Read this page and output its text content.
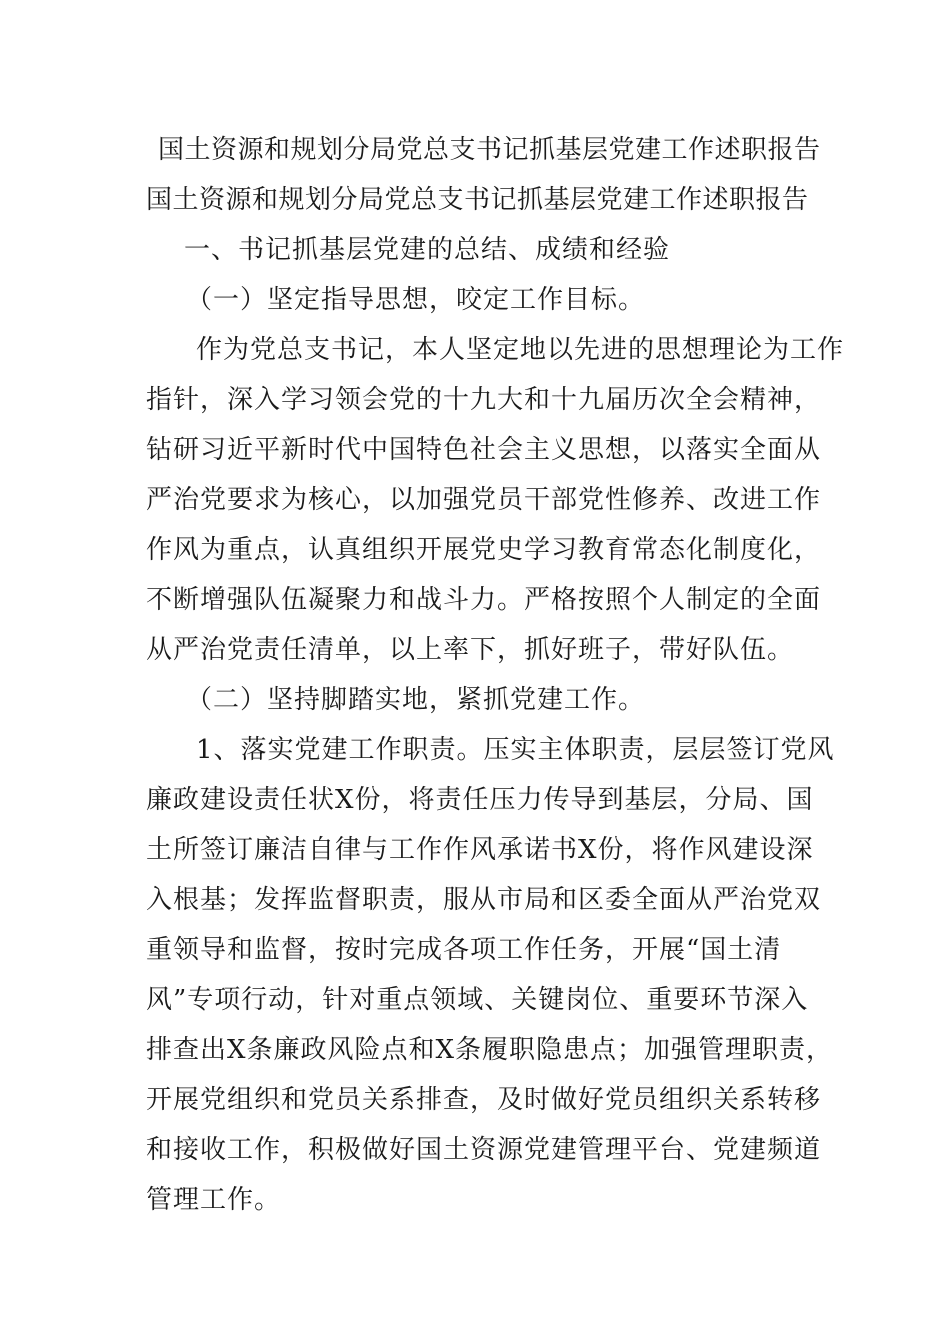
国土资源和规划分局党总支书记抓基层党建工作述职报告
国土资源和规划分局党总支书记抓基层党建工作述职报告
一、书记抓基层党建的总结、成绩和经验
（一）坚定指导思想，咬定工作目标。
作为党总支书记，本人坚定地以先进的思想理论为工作
指针，深入学习领会党的十九大和十九届历次全会精神，
钻研习近平新时代中国特色社会主义思想，以落实全面从
严治党要求为核心，以加强党员干部党性修养、改进工作
作风为重点，认真组织开展党史学习教育常态化制度化，
不断增强队伍凝聚力和战斗力。严格按照个人制定的全面
从严治党责任清单，以上率下，抓好班子，带好队伍。
（二）坚持脚踏实地，紧抓党建工作。
1、落实党建工作职责。压实主体职责，层层签订党风
廉政建设责任状X份，将责任压力传导到基层，分局、国
土所签订廉洁自律与工作作风承诺书X份，将作风建设深
入根基；发挥监督职责，服从市局和区委全面从严治党双
重领导和监督，按时完成各项工作任务，开展“国土清
风”专项行动，针对重点领域、关键岗位、重要环节深入
排查出X条廉政风险点和X条履职隐患点；加强管理职责，
开展党组织和党员关系排查，及时做好党员组织关系转移
和接收工作，积极做好国土资源党建管理平台、党建频道
管理工作。
